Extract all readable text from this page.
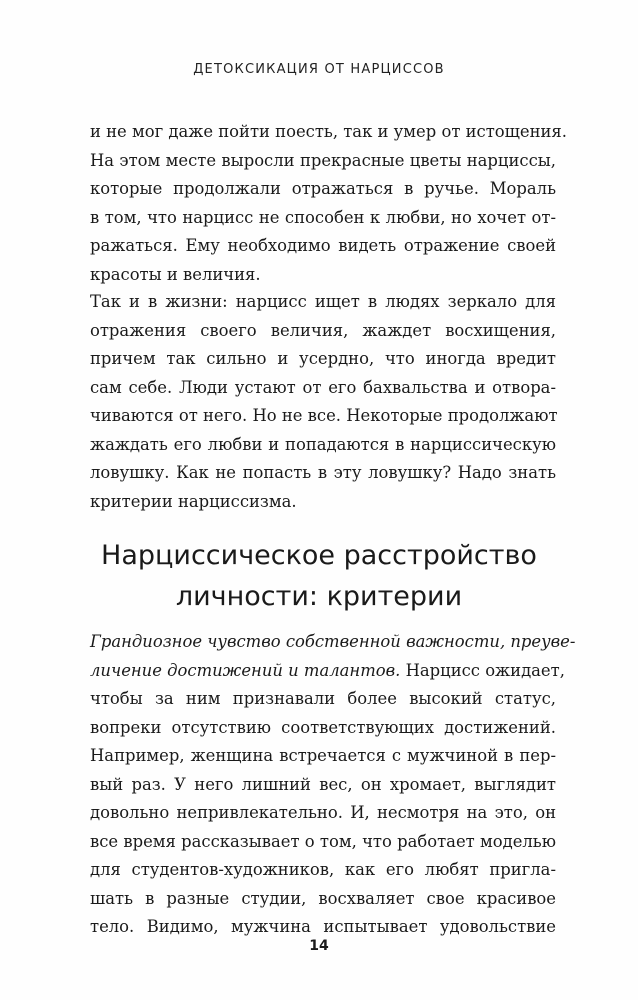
ДЕТОКСИКАЦИЯ ОТ НАРЦИССОВ
и не мог даже пойти поесть, так и умер от истощения.
На этом месте выросли прекрасные цветы нарциссы,
которые продолжали отражаться в ручье. Мораль
в том, что нарцисс не способен к любви, но хочет от-
ражаться. Ему необходимо видеть отражение своей
красоты и величия.
Так и в жизни: нарцисс ищет в людях зеркало для
отражения своего величия, жаждет восхищения,
причем так сильно и усердно, что иногда вредит
сам себе. Люди устают от его бахвальства и отвора-
чиваются от него. Но не все. Некоторые продолжают
жаждать его любви и попадаются в нарциссическую
ловушку. Как не попасть в эту ловушку? Надо знать
критерии нарциссизма.
Нарциссическое расстройство
личности: критерии
Грандиозное чувство собственной важности, преуве-
личение достижений и талантов. Нарцисс ожидает,
чтобы за ним признавали более высокий статус,
вопреки отсутствию соответствующих достижений.
Например, женщина встречается с мужчиной в пер-
вый раз. У него лишний вес, он хромает, выглядит
довольно непривлекательно. И, несмотря на это, он
все время рассказывает о том, что работает моделью
для студентов-художников, как его любят пригла-
шать в разные студии, восхваляет свое красивое
тело. Видимо, мужчина испытывает удовольствие
14
